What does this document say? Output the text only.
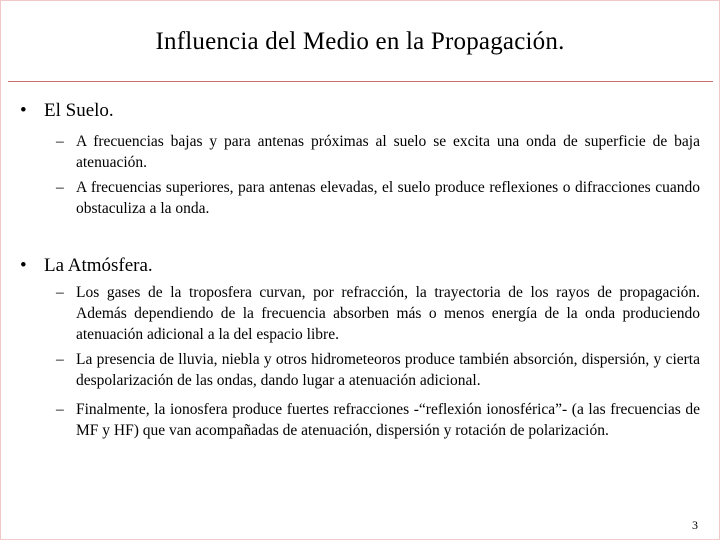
Influencia del Medio en la Propagación.
• El Suelo.
– A frecuencias bajas y para antenas próximas al suelo se excita una onda de superficie de baja atenuación.
– A frecuencias superiores, para antenas elevadas, el suelo produce reflexiones o difracciones cuando obstaculiza a la onda.
• La Atmósfera.
– Los gases de la troposfera curvan, por refracción, la trayectoria de los rayos de propagación. Además dependiendo de la frecuencia absorben más o menos energía de la onda produciendo atenuación adicional a la del espacio libre.
– La presencia de lluvia, niebla y otros hidrometeoros produce también absorción, dispersión, y cierta despolarización de las ondas, dando lugar a atenuación adicional.
– Finalmente, la ionosfera produce fuertes refracciones -“reflexión ionosférica”- (a las frecuencias de MF y HF) que van acompañadas de atenuación, dispersión y rotación de polarización.
3
